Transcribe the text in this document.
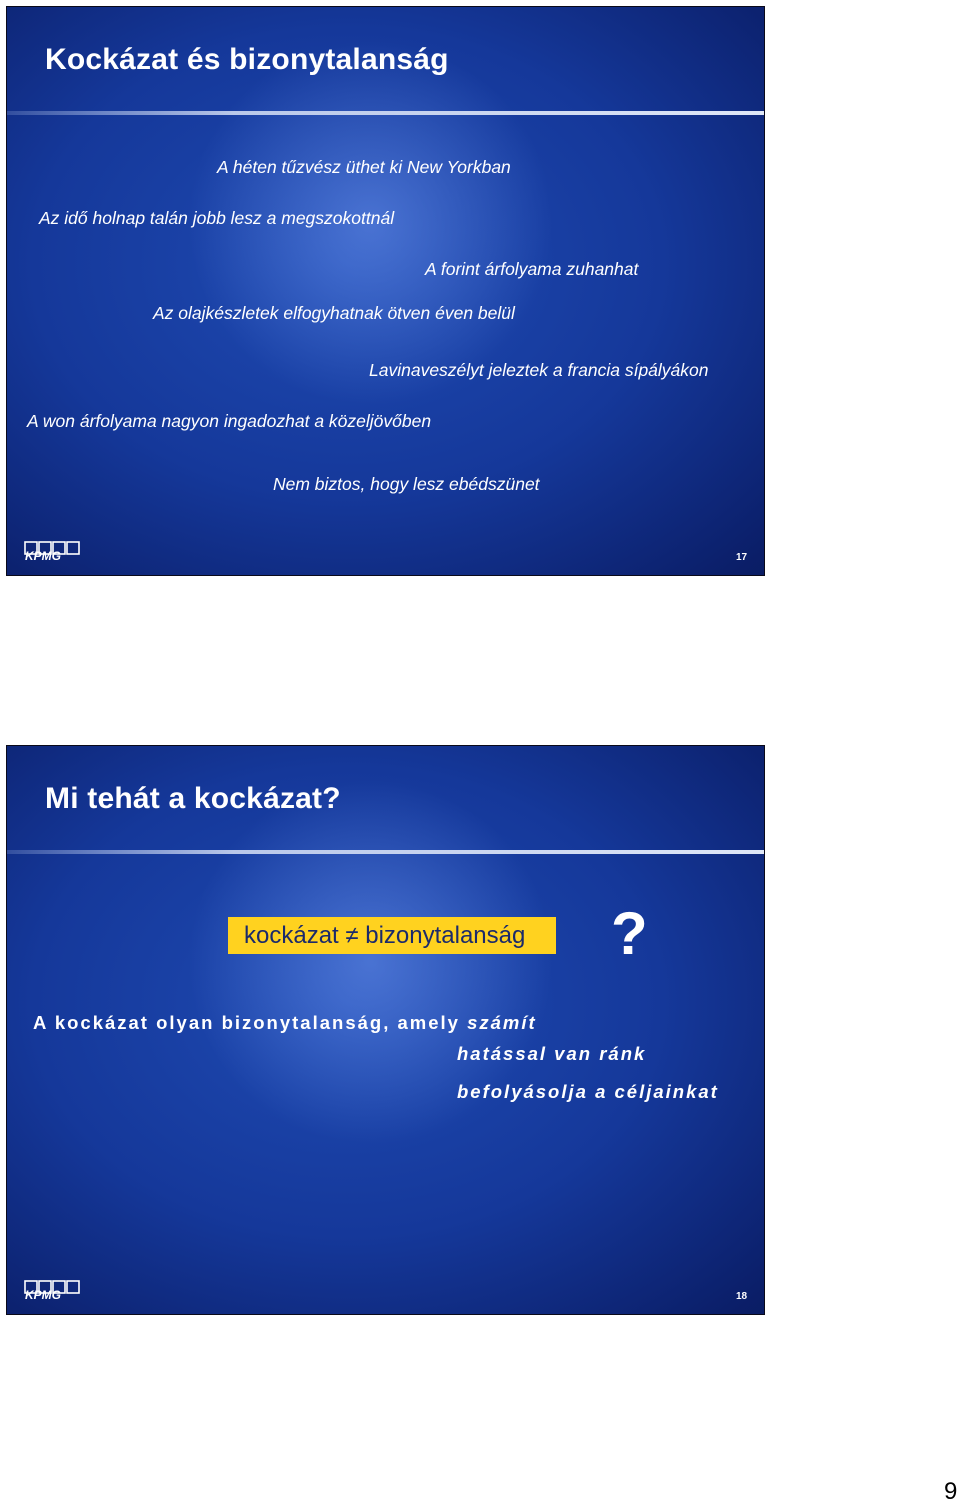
Kockázat és bizonytalanság
A héten tűzvész üthet ki New Yorkban
Az idő holnap talán jobb lesz a megszokottnál
A forint árfolyama zuhanhat
Az olajkészletek elfogyhatnak ötven éven belül
Lavinaveszélyt jeleztek a francia sípályákon
A won árfolyama nagyon ingadozhat a közeljövőben
Nem biztos, hogy lesz ebédszünet
KPMG	17
Mi tehát a kockázat?
kockázat ≠ bizonytalanság	?
A kockázat olyan bizonytalanság, amely számít
hatással van ránk
befolyásolja a céljainkat
KPMG	18
9
